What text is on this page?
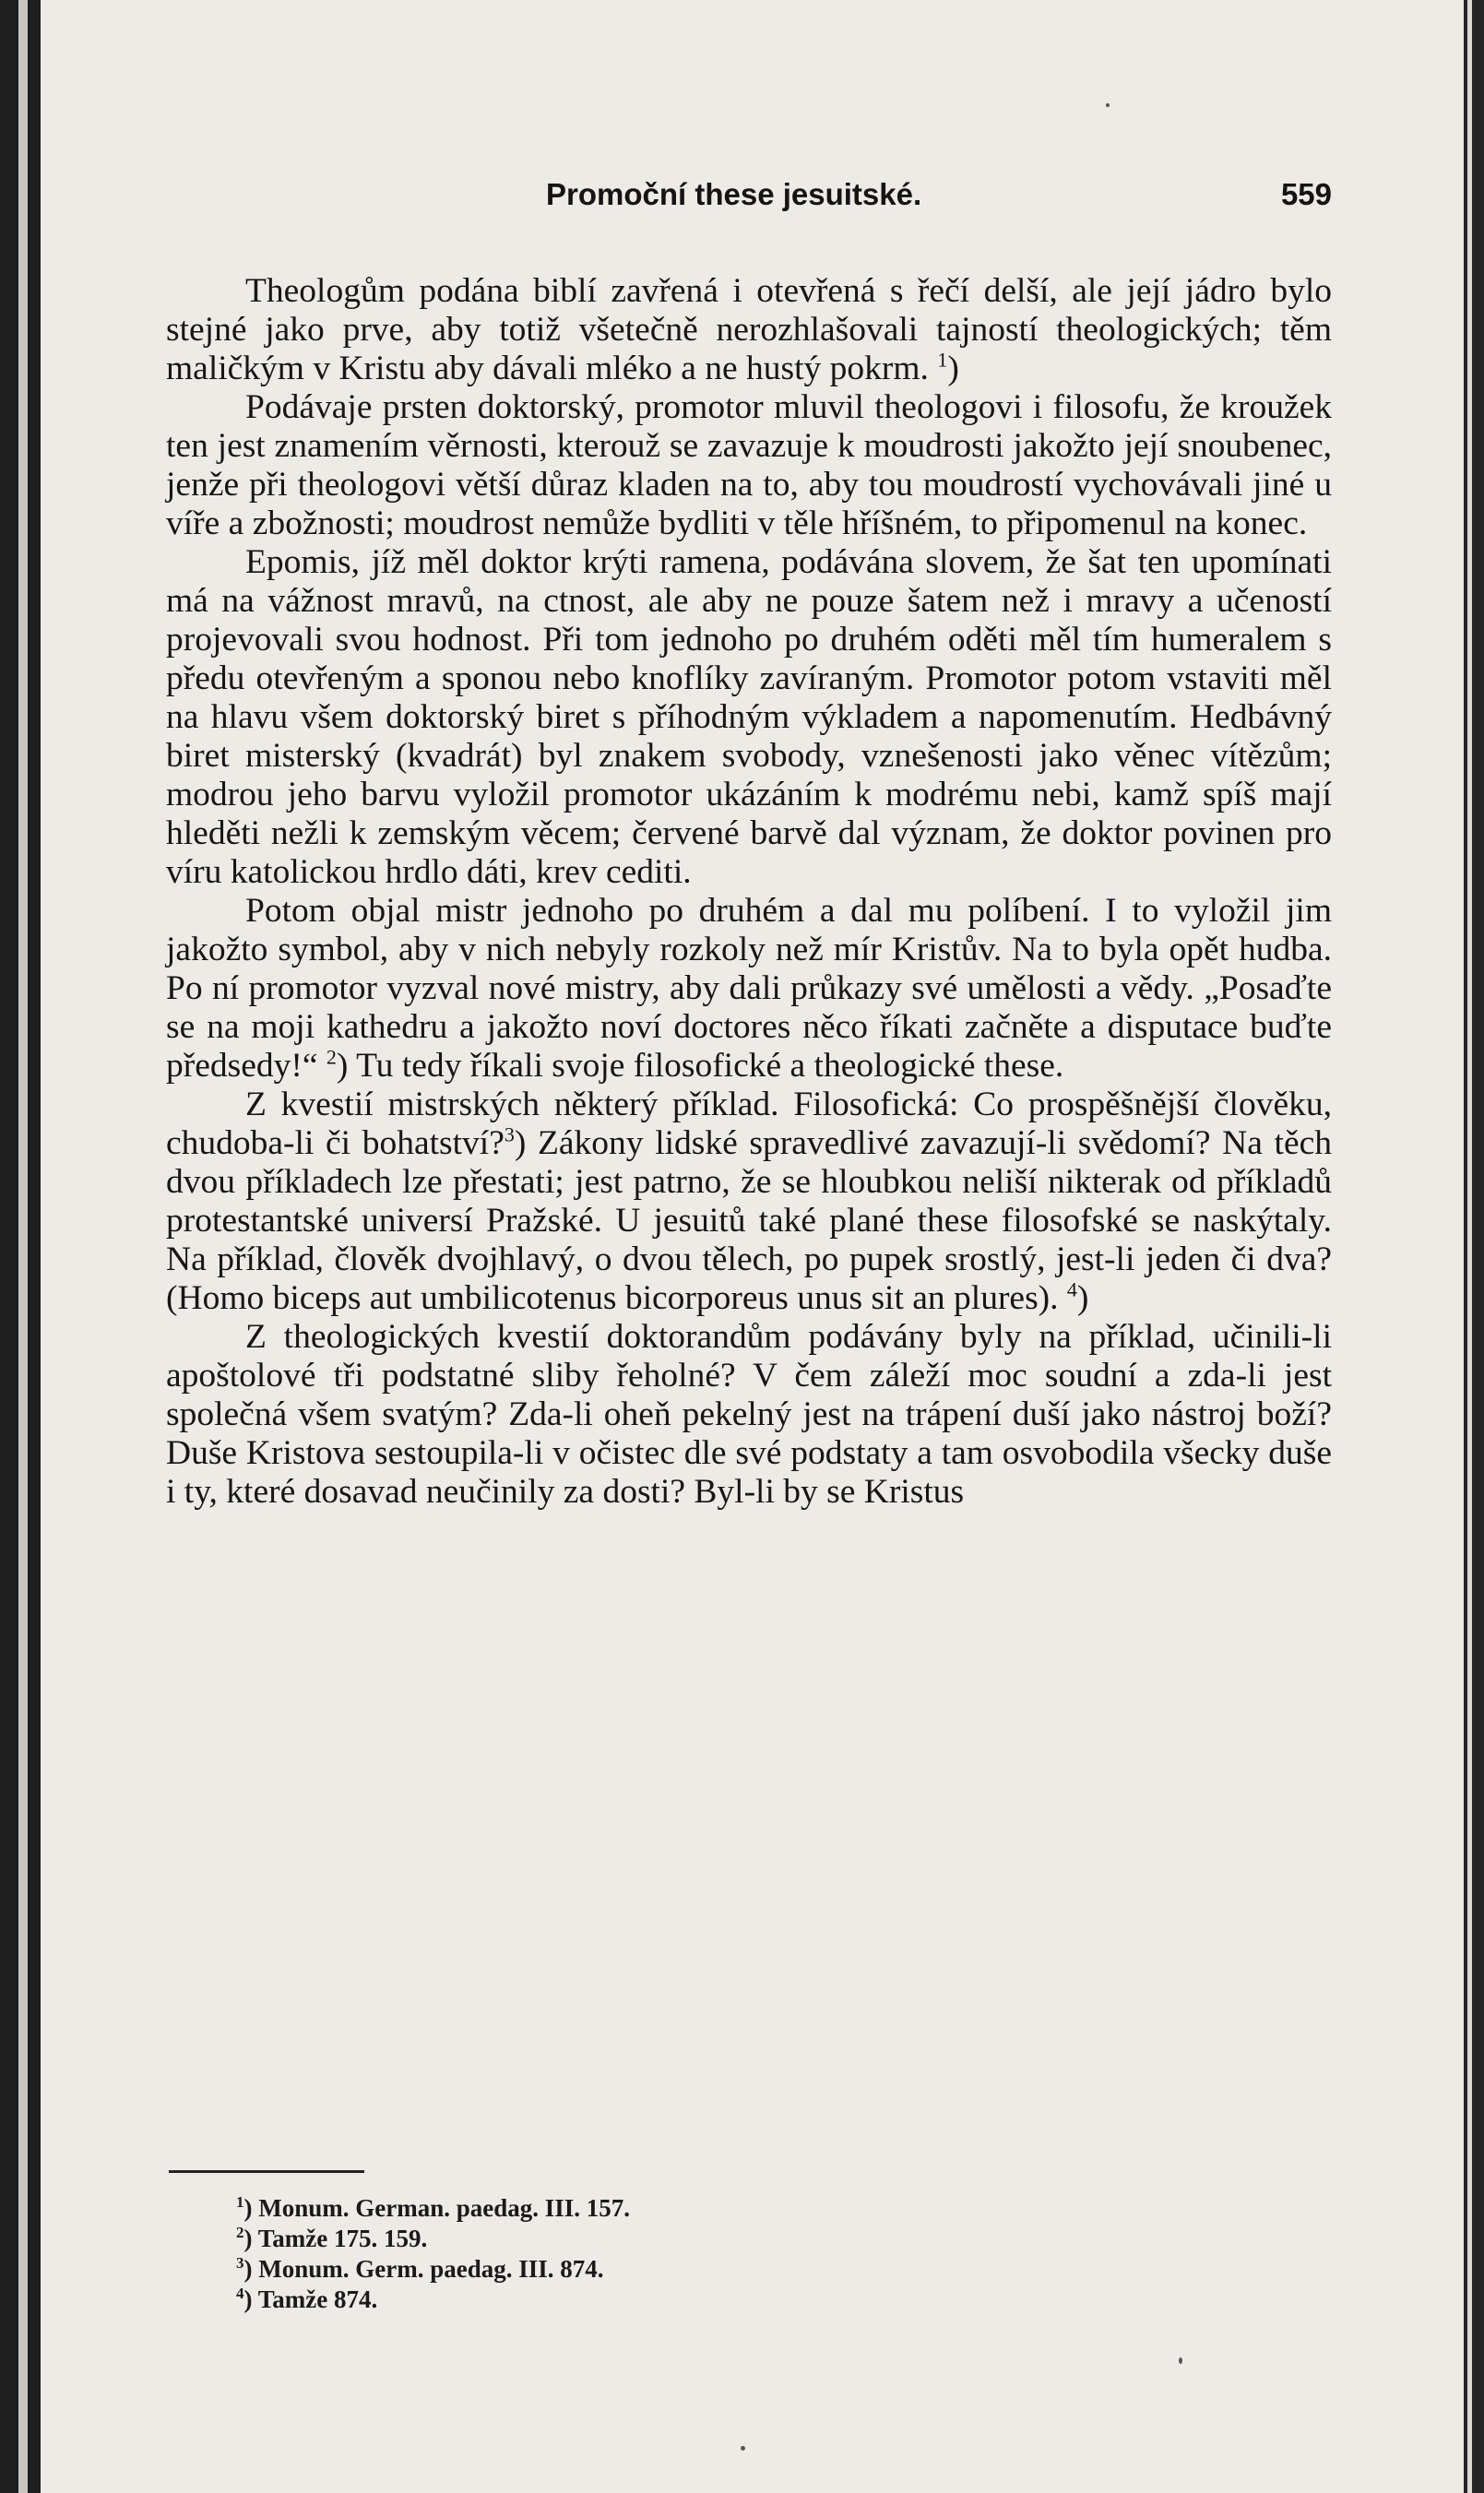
Promoční these jesuitské.	559

Theologům podána biblí zavřená i otevřená s řečí delší, ale její jádro bylo stejné jako prve, aby totiž všetečně nerozhlašovali tajností theologických; těm maličkým v Kristu aby dávali mléko a ne hustý pokrm. $^1$)

Podávaje prsten doktorský, promotor mluvil theologovi i filosofu, že kroužek ten jest znamením věrnosti, kterouž se zavazuje k moudrosti jakožto její snoubenec, jenže při theologovi větší důraz kladen na to, aby tou moudrostí vychovávali jiné u víře a zbožnosti; moudrost nemůže bydliti v těle hříšném, to připomenul na konec.

Epomis, jíž měl doktor krýti ramena, podávána slovem, že šat ten upomínati má na vážnost mravů, na ctnost, ale aby ne pouze šatem než i mravy a učeností projevovali svou hodnost. Při tom jednoho po druhém oděti měl tím humeralem s předu otevřeným a sponou nebo knoflíky zavíraným. Promotor potom vstaviti měl na hlavu všem doktorský biret s příhodným výkladem a napomenutím. Hedbávný biret misterský (kvadrát) byl znakem svobody, vznešenosti jako věnec vítězům; modrou jeho barvu vyložil promotor ukázáním k modrému nebi, kamž spíš mají hleděti nežli k zemským věcem; červené barvě dal význam, že doktor povinen pro víru katolickou hrdlo dáti, krev ceditі.

Potom objal mistr jednoho po druhém a dal mu políbení. I to vyložil jim jakožto symbol, aby v nich nebyly rozkoly než mír Kristův. Na to byla opět hudba. Po ní promotor vyzval nové mistry, aby dali průkazy své umělosti a vědy. „Posaďte se na moji kathedru a jakožto noví doctores něco říkati začněte a disputace buďte předsedy!“ $^2$) Tu tedy říkali svoje filosofické a theologické these.

Z kvestií mistrských některý příklad. Filosofická: Co prospěšnější člověku, chudoba-li či bohatství?$^3$) Zákony lidské spravedlivé zavazují-li svědomí? Na těch dvou příkladech lze přestati; jest patrno, že se hloubkou neliší nikterak od příkladů protestantské universí Pražské. U jesuitů také plané these filosofské se naskýtaly. Na příklad, člověk dvojhlavý, o dvou tělech, po pupek srostlý, jest-li jeden či dva? (Homo biceps aut umbilicotenus bicorporeus unus sit an plures). $^4$)

Z theologických kvestií doktorandům podávány byly na příklad, učinili-li apoštolové tři podstatné sliby řeholné? V čem záleží moc soudní a zda-li jest společná všem svatým? Zda-li oheň pekelný jest na trápení duší jako nástroj boží? Duše Kristova sestoupila-li v očistec dle své podstaty a tam osvobodila všecky duše i ty, které dosavad neučinily za dosti? Byl-li by se Kristus

$^1$) Monum. German. paedag. III. 157.
$^2$) Tamže 175. 159.
$^3$) Monum. Germ. paedag. III. 874.
$^4$) Tamže 874.
